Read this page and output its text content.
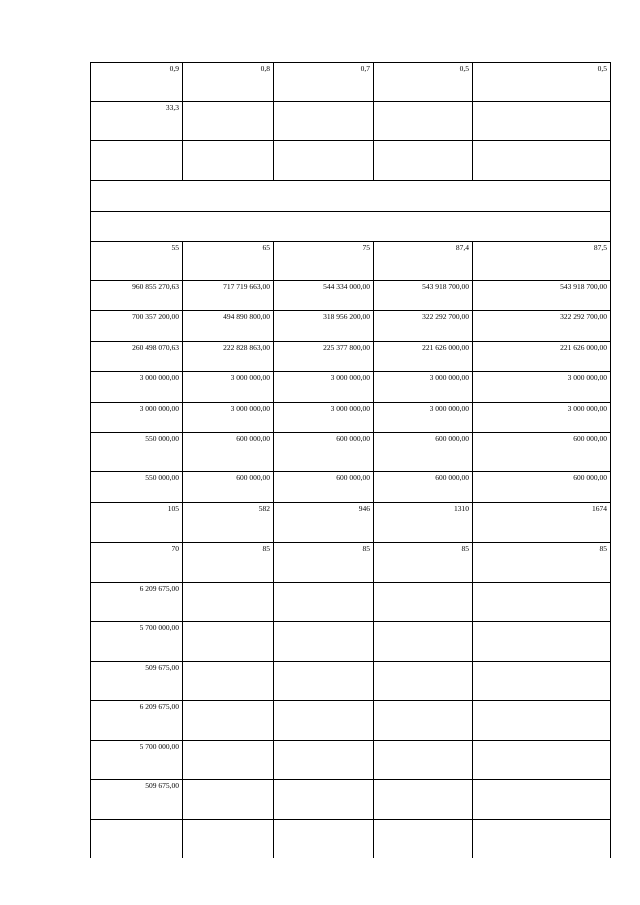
0,9	0,8	0,7	0,5	0,5
33,3
55	65	75	87,4	87,5
960 855 270,63	717 719 663,00	544 334 000,00	543 918 700,00	543 918 700,00
700 357 200,00	494 890 800,00	318 956 200,00	322 292 700,00	322 292 700,00
260 498 070,63	222 828 863,00	225 377 800,00	221 626 000,00	221 626 000,00
3 000 000,00	3 000 000,00	3 000 000,00	3 000 000,00	3 000 000,00
3 000 000,00	3 000 000,00	3 000 000,00	3 000 000,00	3 000 000,00
550 000,00	600 000,00	600 000,00	600 000,00	600 000,00
550 000,00	600 000,00	600 000,00	600 000,00	600 000,00
105	582	946	1310	1674
70	85	85	85	85
6 209 675,00
5 700 000,00
509 675,00
6 209 675,00
5 700 000,00
509 675,00
